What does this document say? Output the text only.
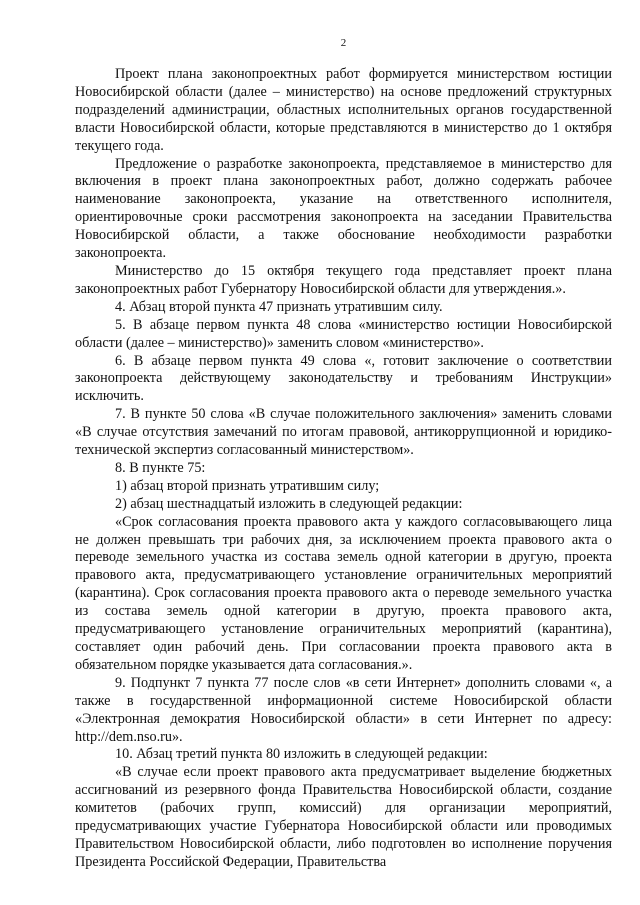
2

Проект плана законопроектных работ формируется министерством юстиции Новосибирской области (далее – министерство) на основе предложений структурных подразделений администрации, областных исполнительных органов государственной власти Новосибирской области, которые представляются в министерство до 1 октября текущего года.

Предложение о разработке законопроекта, представляемое в министерство для включения в проект плана законопроектных работ, должно содержать рабочее наименование законопроекта, указание на ответственного исполнителя, ориентировочные сроки рассмотрения законопроекта на заседании Правительства Новосибирской области, а также обоснование необходимости разработки законопроекта.

Министерство до 15 октября текущего года представляет проект плана законопроектных работ Губернатору Новосибирской области для утверждения.».

4. Абзац второй пункта 47 признать утратившим силу.

5. В абзаце первом пункта 48 слова «министерство юстиции Новосибирской области (далее – министерство)» заменить словом «министерство».

6. В абзаце первом пункта 49 слова «, готовит заключение о соответствии законопроекта действующему законодательству и требованиям Инструкции» исключить.

7. В пункте 50 слова «В случае положительного заключения» заменить словами «В случае отсутствия замечаний по итогам правовой, антикоррупционной и юридико-технической экспертиз согласованный министерством».

8. В пункте 75:

1) абзац второй признать утратившим силу;

2) абзац шестнадцатый изложить в следующей редакции:

«Срок согласования проекта правового акта у каждого согласовывающего лица не должен превышать три рабочих дня, за исключением проекта правового акта о переводе земельного участка из состава земель одной категории в другую, проекта правового акта, предусматривающего установление ограничительных мероприятий (карантина). Срок согласования проекта правового акта о переводе земельного участка из состава земель одной категории в другую, проекта правового акта, предусматривающего установление ограничительных мероприятий (карантина), составляет один рабочий день. При согласовании проекта правового акта в обязательном порядке указывается дата согласования.».

9. Подпункт 7 пункта 77 после слов «в сети Интернет» дополнить словами «, а также в государственной информационной системе Новосибирской области «Электронная демократия Новосибирской области» в сети Интернет по адресу: http://dem.nso.ru».

10. Абзац третий пункта 80 изложить в следующей редакции:

«В случае если проект правового акта предусматривает выделение бюджетных ассигнований из резервного фонда Правительства Новосибирской области, создание комитетов (рабочих групп, комиссий) для организации мероприятий, предусматривающих участие Губернатора Новосибирской области или проводимых Правительством Новосибирской области, либо подготовлен во исполнение поручения Президента Российской Федерации, Правительства
